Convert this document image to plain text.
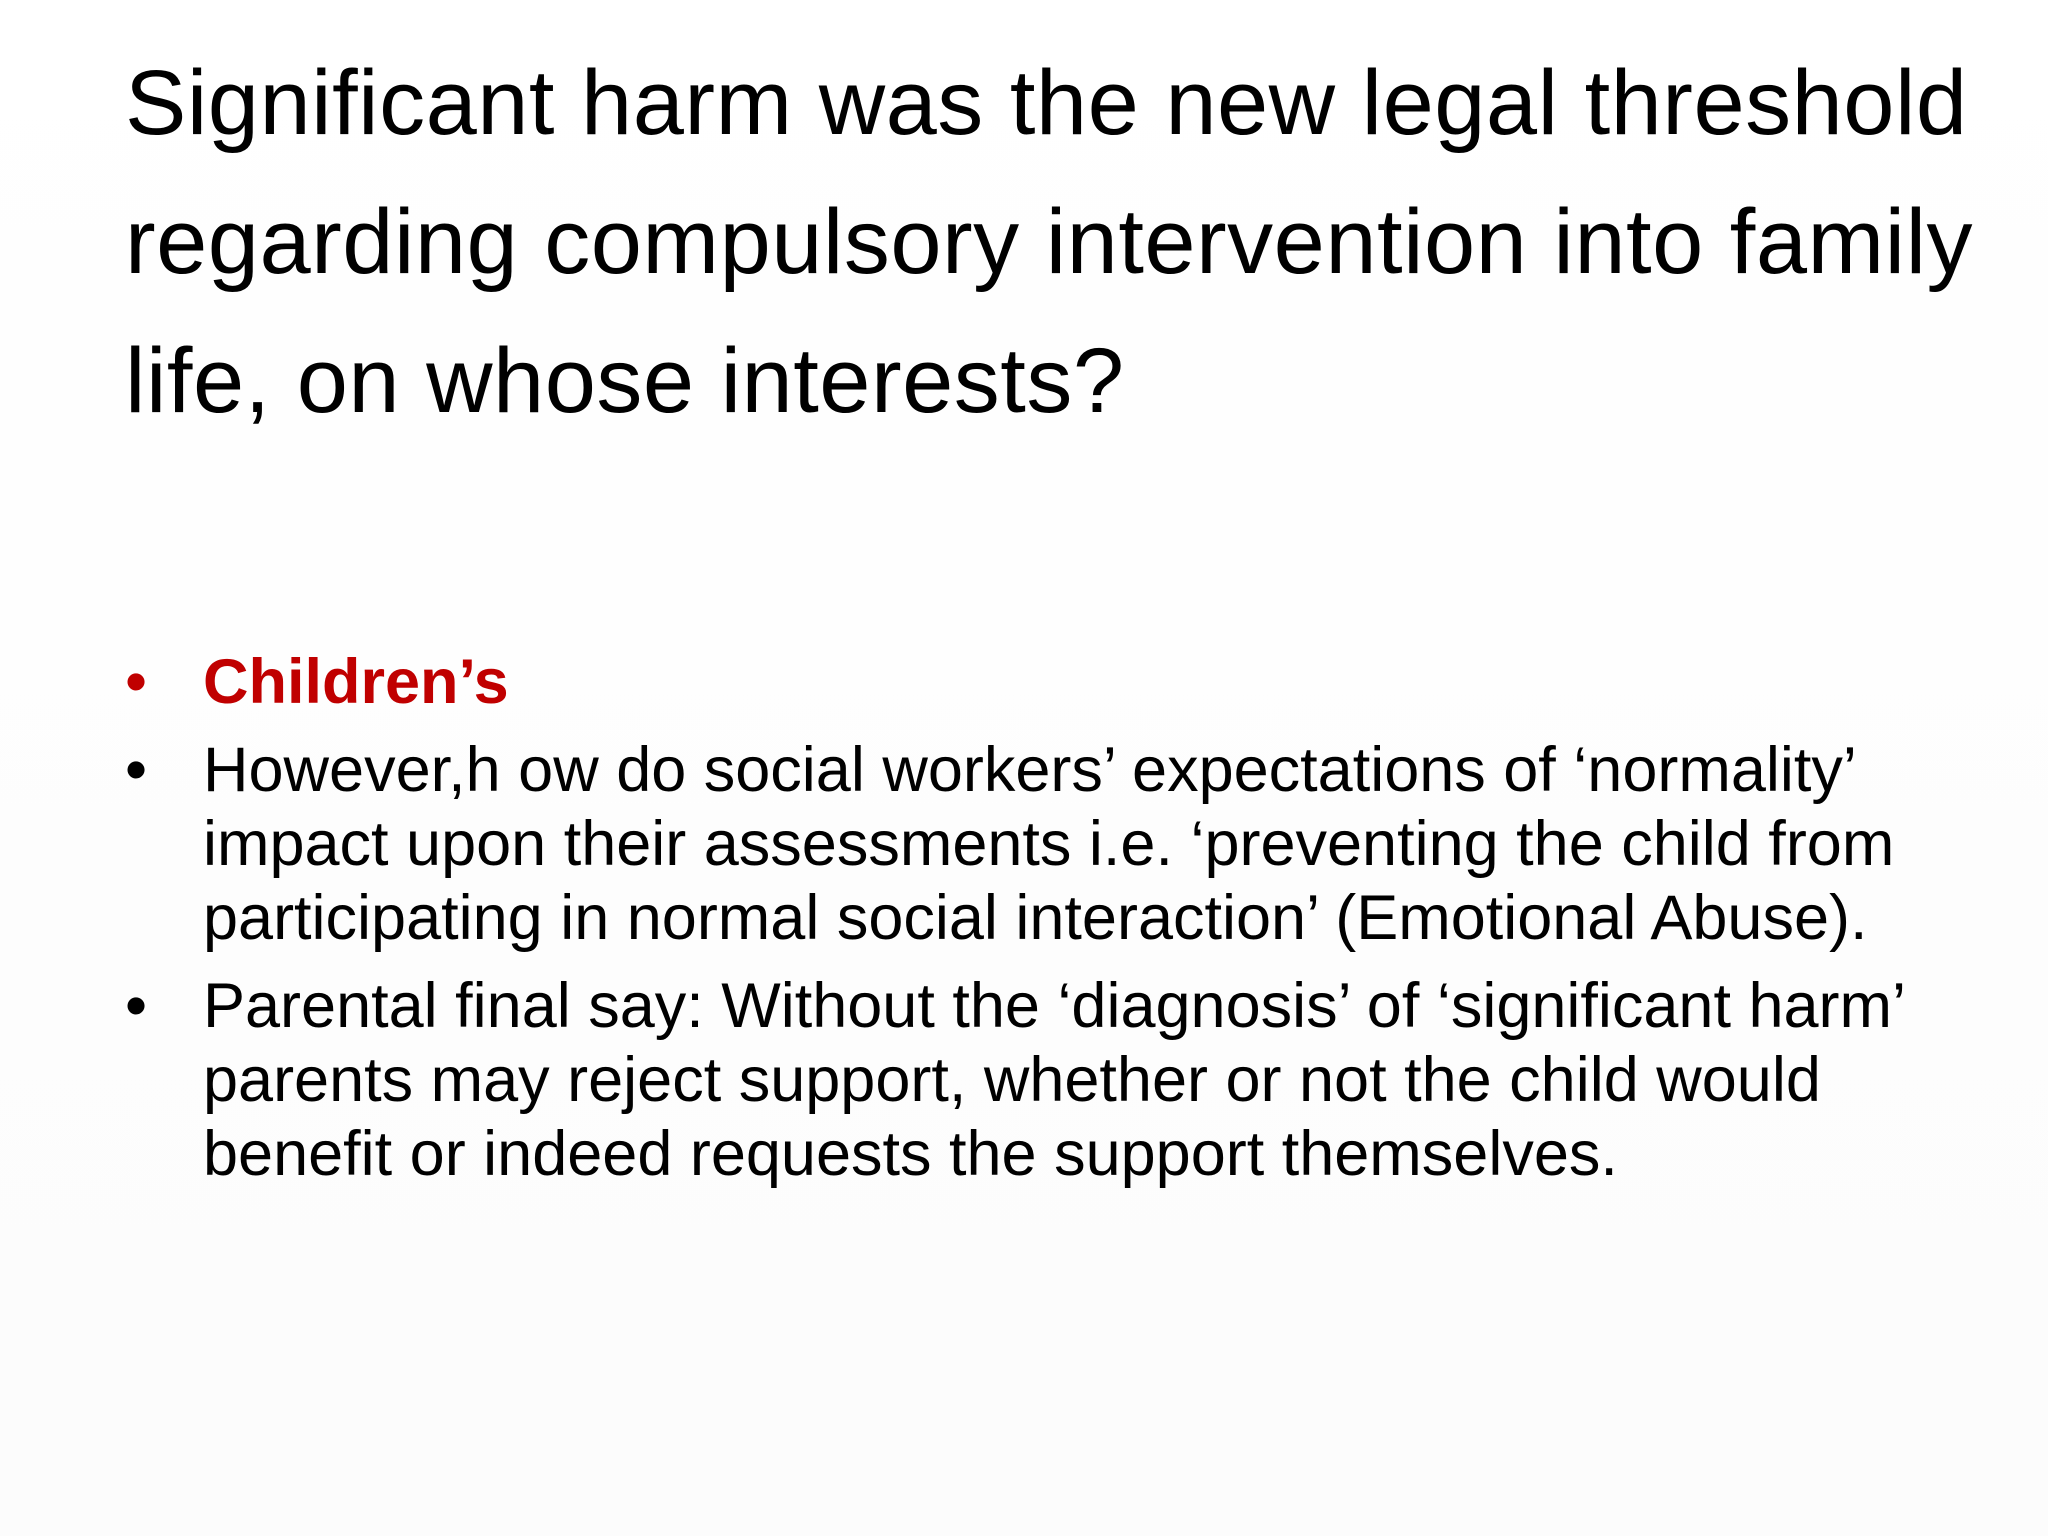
Significant harm was the new legal threshold regarding compulsory intervention into family life, on whose interests?
• Children’s
• However,h ow do social workers’ expectations of ‘normality’ impact upon their assessments i.e. ‘preventing the child from participating in normal social interaction’ (Emotional Abuse).
• Parental final say: Without the ‘diagnosis’ of ‘significant harm’ parents may reject support, whether or not the child would benefit or indeed requests the support themselves.
